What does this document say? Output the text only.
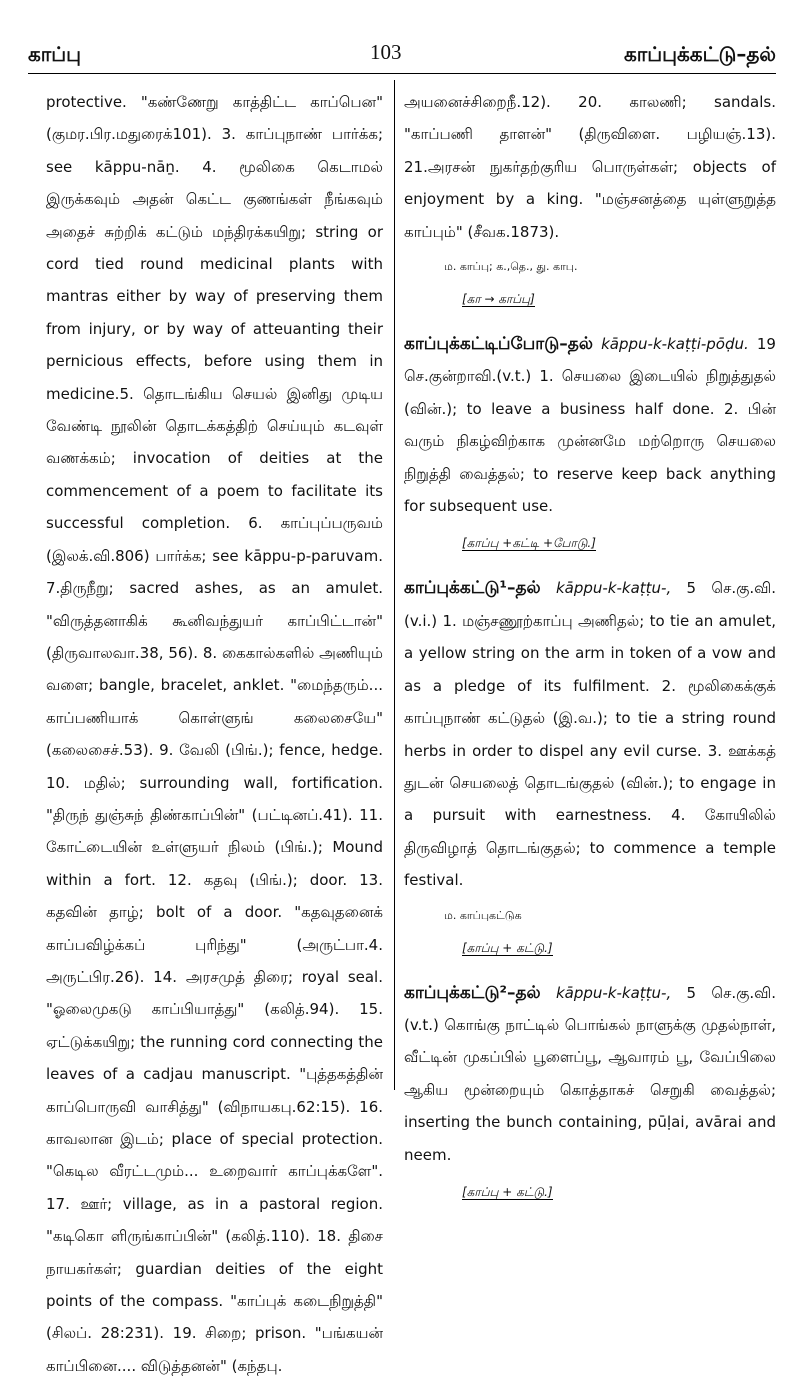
காப்பு	103	காப்புக்கட்டு–தல்

protective. "கண்ணேறு காத்திட்ட காப்பென" (குமர.பிர.மதுரைக்101). 3. காப்புநாண் பார்க்க; see kāppu-nāṉ. 4. மூலிகை கெடாமல் இருக்கவும் அதன் கெட்ட குணங்கள் நீங்கவும் அதைச் சுற்றிக் கட்டும் மந்திரக்கயிறு; string or cord tied round medicinal plants with mantras either by way of preserving them from injury, or by way of atteuanting their pernicious effects, before using them in medicine.5. தொடங்கிய செயல் இனிது முடிய வேண்டி நூலின் தொடக்கத்திற் செய்யும் கடவுள் வணக்கம்; invocation of deities at the commencement of a poem to facilitate its successful completion. 6. காப்புப்பருவம் (இலக்.வி.806) பார்க்க; see kāppu-p-paruvam. 7.திருநீறு; sacred ashes, as an amulet. "விருத்தனாகிக் கூனிவந்துயர் காப்பிட்டான்" (திருவாலவா.38, 56). 8. கைகால்களில் அணியும் வளை; bangle, bracelet, anklet. "மைந்தரும்... காப்பணியாக் கொள்ளுங் கலைசையே" (கலைசைச்.53). 9. வேலி (பிங்.); fence, hedge. 10. மதில்; surrounding wall, fortification. "திருந் துஞ்சுந் திண்காப்பின்" (பட்டினப்.41). 11. கோட்டையின் உள்ளுயர் நிலம் (பிங்.); Mound within a fort. 12. கதவு (பிங்.); door. 13. கதவின் தாழ்; bolt of a door. "கதவுதனைக் காப்பவிழ்க்கப் புரிந்து" (அருட்பா.4. அருட்பிர.26). 14. அரசமுத் திரை; royal seal. "ஓலைமுகடு காப்பியாத்து" (கலித்.94). 15. ஏட்டுக்கயிறு; the running cord connecting the leaves of a cadjau manuscript. "புத்தகத்தின் காப்பொருவி வாசித்து" (விநாயகபு.62:15). 16. காவலான இடம்; place of special protection. "கெடில வீரட்டமும்... உறைவார் காப்புக்களே". 17. ஊர்; village, as in a pastoral region. "கடிகொ ளிருங்காப்பின்" (கலித்.110). 18. திசை நாயகர்கள்; guardian deities of the eight points of the compass. "காப்புக் கடைநிறுத்தி" (சிலப். 28:231). 19. சிறை; prison. "பங்கயன் காப்பினை.... விடுத்தனன்" (கந்தபு.

அயனைச்சிறைநீ.12). 20. காலணி; sandals. "காப்பணி தாளன்" (திருவிளை. பழியஞ்.13). 21.அரசன் நுகர்தற்குரிய பொருள்கள்; objects of enjoyment by a king. "மஞ்சனத்தை யுள்ளுறுத்த காப்பும்" (சீவக.1873).

ம. காப்பு; க.,தெ., து. காபு.
[கா → காப்பு]

காப்புக்கட்டிப்போடு–தல் kāppu-k-kaṭṭi-pōḍu. 19 செ.குன்றாவி.(v.t.) 1. செயலை இடையில் நிறுத்துதல் (வின்.); to leave a business half done. 2. பின் வரும் நிகழ்விற்காக முன்னமே மற்றொரு செயலை நிறுத்தி வைத்தல்; to reserve keep back anything for subsequent use.

[காப்பு +கட்டி +போடு.]

காப்புக்கட்டு¹–தல் kāppu-k-kaṭṭu-, 5 செ.கு.வி. (v.i.) 1. மஞ்சணூற்காப்பு அணிதல்; to tie an amulet, a yellow string on the arm in token of a vow and as a pledge of its fulfilment. 2. மூலிகைக்குக் காப்புநாண் கட்டுதல் (இ.வ.); to tie a string round herbs in order to dispel any evil curse. 3. ஊக்கத் துடன் செயலைத் தொடங்குதல் (வின்.); to engage in a pursuit with earnestness. 4. கோயிலில் திருவிழாத் தொடங்குதல்; to commence a temple festival.

ம. காப்புகட்டுக
[காப்பு + கட்டு.]

காப்புக்கட்டு²–தல் kāppu-k-kaṭṭu-, 5 செ.கு.வி. (v.t.) கொங்கு நாட்டில் பொங்கல் நாளுக்கு முதல்நாள், வீட்டின் முகப்பில் பூளைப்பூ, ஆவாரம் பூ, வேப்பிலை ஆகிய மூன்றையும் கொத்தாகச் செறுகி வைத்தல்; inserting the bunch containing, pūḷai, avārai and neem.

[காப்பு + கட்டு.]
